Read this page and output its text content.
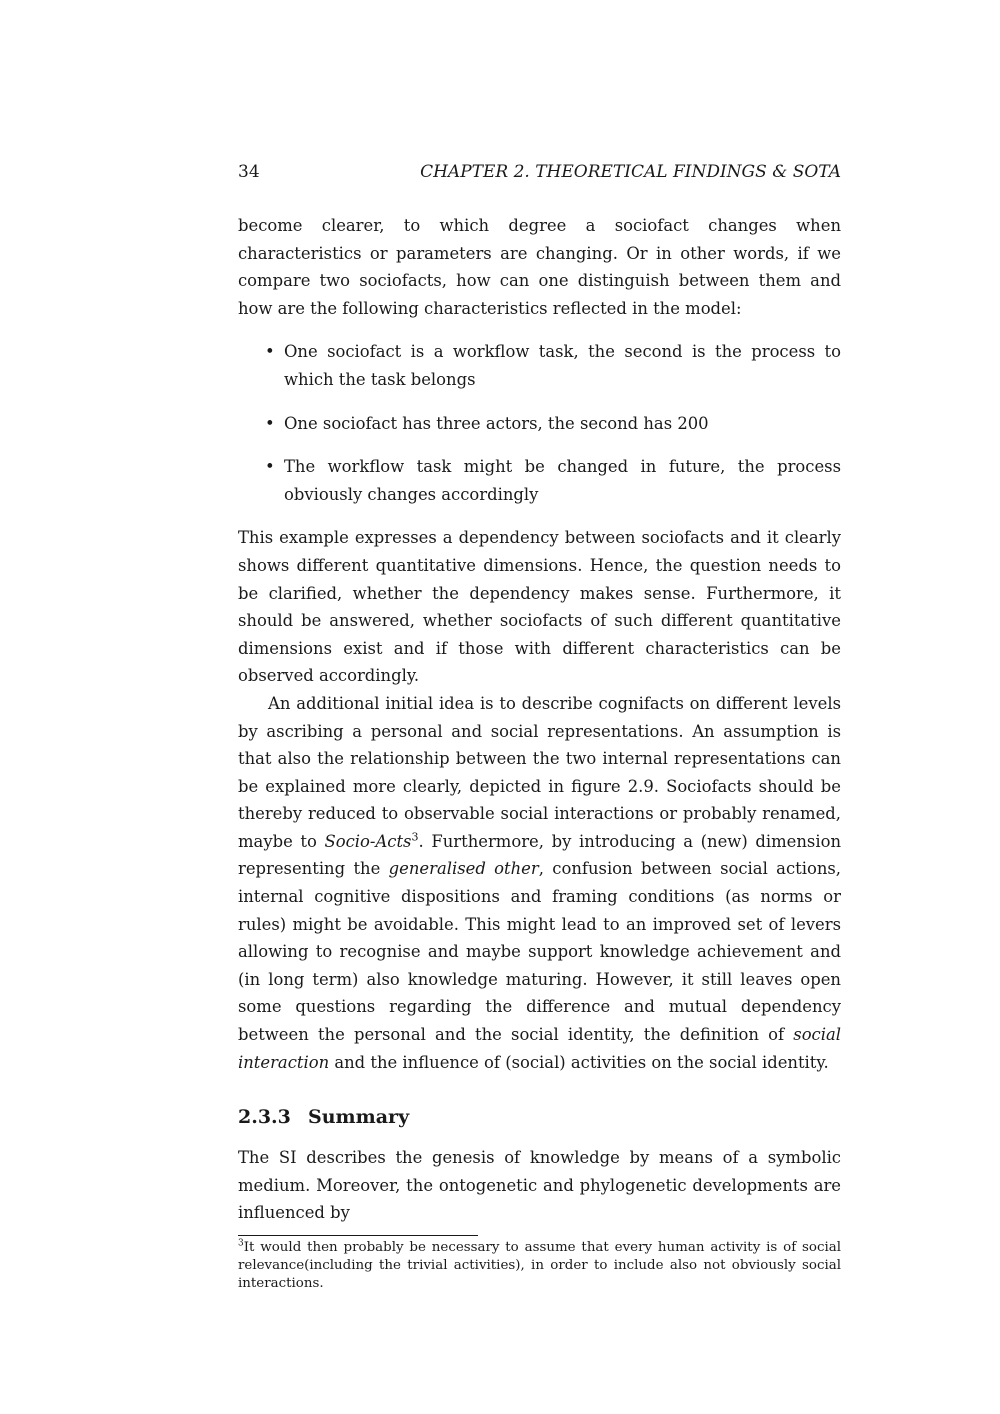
34	CHAPTER 2. THEORETICAL FINDINGS & SOTA

become clearer, to which degree a sociofact changes when characteristics or parameters are changing. Or in other words, if we compare two sociofacts, how can one distinguish between them and how are the following characteristics reflected in the model:

• One sociofact is a workflow task, the second is the process to which the task belongs
• One sociofact has three actors, the second has 200
• The workflow task might be changed in future, the process obviously changes accordingly

This example expresses a dependency between sociofacts and it clearly shows different quantitative dimensions. Hence, the question needs to be clarified, whether the dependency makes sense. Furthermore, it should be answered, whether sociofacts of such different quantitative dimensions exist and if those with different characteristics can be observed accordingly.

An additional initial idea is to describe cognifacts on different levels by ascribing a personal and social representations. An assumption is that also the relationship between the two internal representations can be explained more clearly, depicted in figure 2.9. Sociofacts should be thereby reduced to observable social interactions or probably renamed, maybe to Socio-Acts$^3$. Furthermore, by introducing a (new) dimension representing the generalised other, confusion between social actions, internal cognitive dispositions and framing conditions (as norms or rules) might be avoidable. This might lead to an improved set of levers allowing to recognise and maybe support knowledge achievement and (in long term) also knowledge maturing. However, it still leaves open some questions regarding the difference and mutual dependency between the personal and the social identity, the definition of social interaction and the influence of (social) activities on the social identity.

2.3.3 Summary

The SI describes the genesis of knowledge by means of a symbolic medium. Moreover, the ontogenetic and phylogenetic developments are influenced by

$^3$It would then probably be necessary to assume that every human activity is of social relevance(including the trivial activities), in order to include also not obviously social interactions.
